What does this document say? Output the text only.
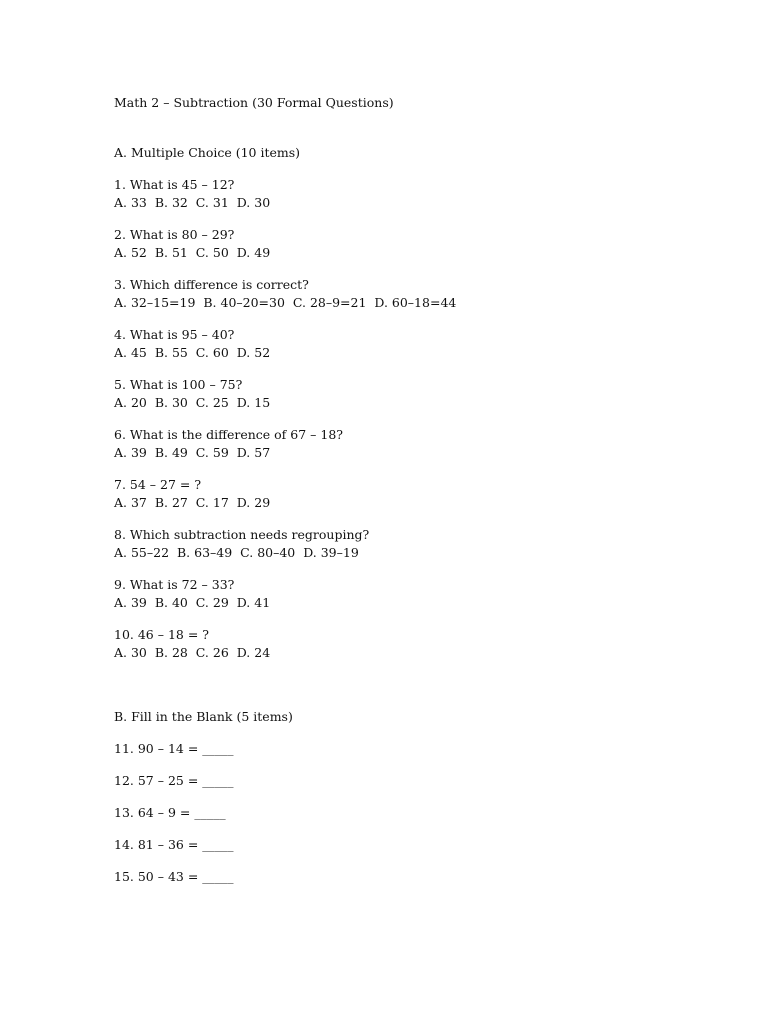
Math 2 – Subtraction (30 Formal Questions)
A. Multiple Choice (10 items)
1. What is 45 – 12?
A. 33  B. 32  C. 31  D. 30
2. What is 80 – 29?
A. 52  B. 51  C. 50  D. 49
3. Which difference is correct?
A. 32–15=19  B. 40–20=30  C. 28–9=21  D. 60–18=44
4. What is 95 – 40?
A. 45  B. 55  C. 60  D. 52
5. What is 100 – 75?
A. 20  B. 30  C. 25  D. 15
6. What is the difference of 67 – 18?
A. 39  B. 49  C. 59  D. 57
7. 54 – 27 = ?
A. 37  B. 27  C. 17  D. 29
8. Which subtraction needs regrouping?
A. 55–22  B. 63–49  C. 80–40  D. 39–19
9. What is 72 – 33?
A. 39  B. 40  C. 29  D. 41
10. 46 – 18 = ?
A. 30  B. 28  C. 26  D. 24
B. Fill in the Blank (5 items)
11. 90 – 14 = _____
12. 57 – 25 = _____
13. 64 – 9 = _____
14. 81 – 36 = _____
15. 50 – 43 = _____
